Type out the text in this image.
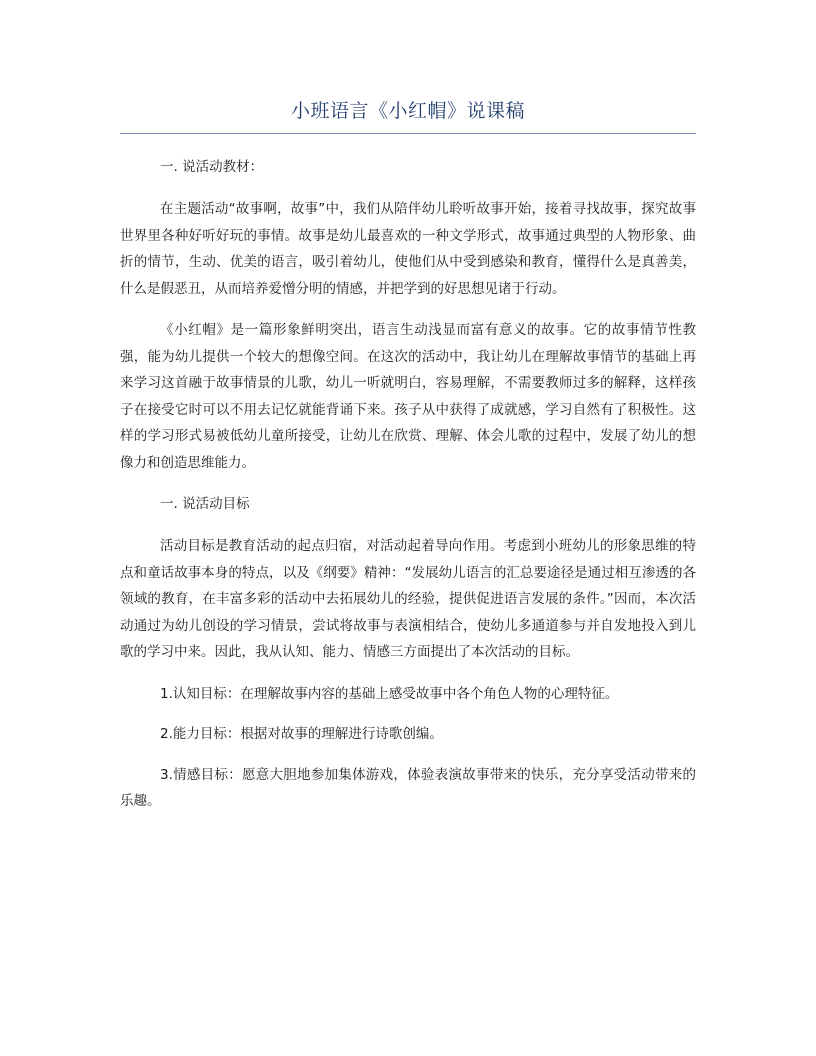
小班语言《小红帽》说课稿
一. 说活动教材：

在主题活动“故事啊，故事”中，我们从陪伴幼儿聆听故事开始，接着寻找故事，探究故事世界里各种好听好玩的事情。故事是幼儿最喜欢的一种文学形式，故事通过典型的人物形象、曲折的情节，生动、优美的语言，吸引着幼儿，使他们从中受到感染和教育，懂得什么是真善美，什么是假恶丑，从而培养爱憎分明的情感，并把学到的好思想见诸于行动。

《小红帽》是一篇形象鲜明突出，语言生动浅显而富有意义的故事。它的故事情节性教强，能为幼儿提供一个较大的想像空间。在这次的活动中，我让幼儿在理解故事情节的基础上再来学习这首融于故事情景的儿歌，幼儿一听就明白，容易理解，不需要教师过多的解释，这样孩子在接受它时可以不用去记忆就能背诵下来。孩子从中获得了成就感，学习自然有了积极性。这样的学习形式易被低幼儿童所接受，让幼儿在欣赏、理解、体会儿歌的过程中，发展了幼儿的想像力和创造思维能力。

一. 说活动目标

活动目标是教育活动的起点归宿，对活动起着导向作用。考虑到小班幼儿的形象思维的特点和童话故事本身的特点，以及《纲要》精神：“发展幼儿语言的汇总要途径是通过相互渗透的各领域的教育，在丰富多彩的活动中去拓展幼儿的经验，提供促进语言发展的条件。”因而，本次活动通过为幼儿创设的学习情景，尝试将故事与表演相结合，使幼儿多通道参与并自发地投入到儿歌的学习中来。因此，我从认知、能力、情感三方面提出了本次活动的目标。

1.认知目标：在理解故事内容的基础上感受故事中各个角色人物的心理特征。

2.能力目标：根据对故事的理解进行诗歌创编。

3.情感目标：愿意大胆地参加集体游戏，体验表演故事带来的快乐，充分享受活动带来的乐趣。
